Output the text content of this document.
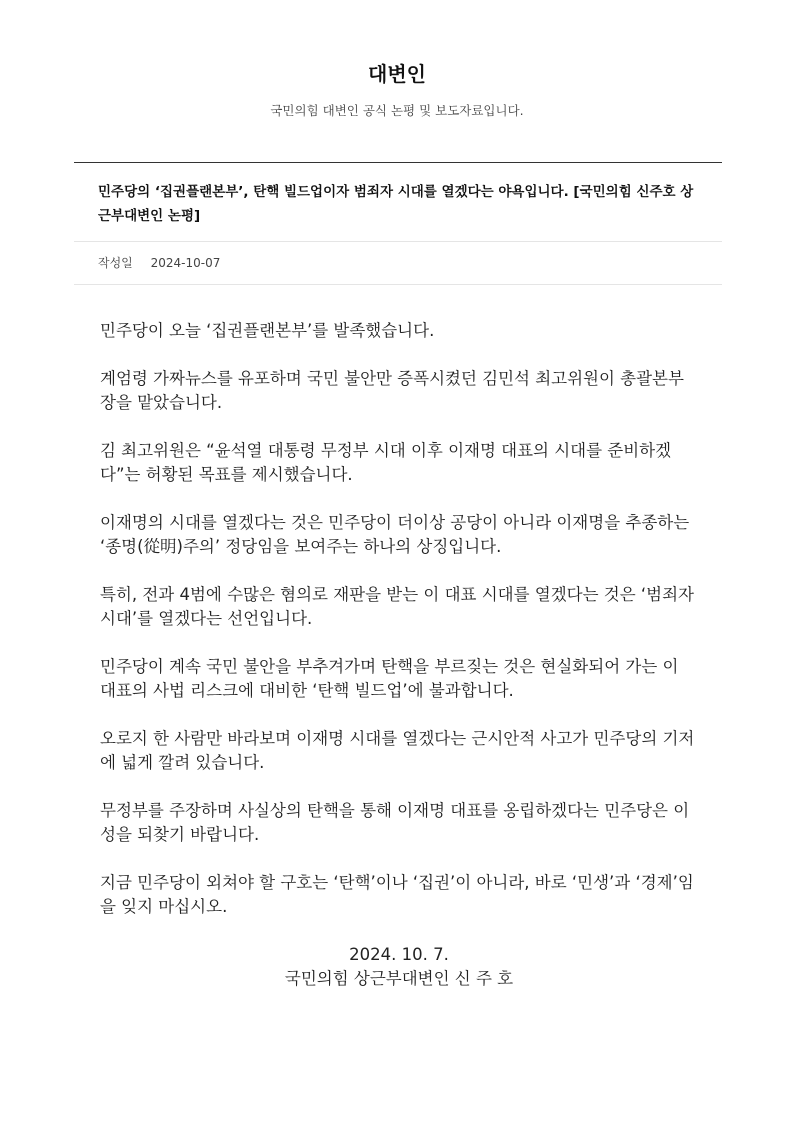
대변인
국민의힘 대변인 공식 논평 및 보도자료입니다.
민주당의 ‘집권플랜본부’, 탄핵 빌드업이자 범죄자 시대를 열겠다는 야욕입니다. [국민의힘 신주호 상근부대변인 논평]
작성일 2024-10-07

민주당이 오늘 ‘집권플랜본부’를 발족했습니다.

계엄령 가짜뉴스를 유포하며 국민 불안만 증폭시켰던 김민석 최고위원이 총괄본부장을 맡았습니다.

김 최고위원은 “윤석열 대통령 무정부 시대 이후 이재명 대표의 시대를 준비하겠다”는 허황된 목표를 제시했습니다.

이재명의 시대를 열겠다는 것은 민주당이 더이상 공당이 아니라 이재명을 추종하는 ‘종명(從明)주의’ 정당임을 보여주는 하나의 상징입니다.

특히, 전과 4범에 수많은 혐의로 재판을 받는 이 대표 시대를 열겠다는 것은 ‘범죄자 시대’를 열겠다는 선언입니다.

민주당이 계속 국민 불안을 부추겨가며 탄핵을 부르짖는 것은 현실화되어 가는 이 대표의 사법 리스크에 대비한 ‘탄핵 빌드업’에 불과합니다.

오로지 한 사람만 바라보며 이재명 시대를 열겠다는 근시안적 사고가 민주당의 기저에 넓게 깔려 있습니다.

무정부를 주장하며 사실상의 탄핵을 통해 이재명 대표를 옹립하겠다는 민주당은 이성을 되찾기 바랍니다.

지금 민주당이 외쳐야 할 구호는 ‘탄핵’이나 ‘집권’이 아니라, 바로 ‘민생’과 ‘경제’임을 잊지 마십시오.

2024. 10. 7.
국민의힘 상근부대변인 신 주 호
